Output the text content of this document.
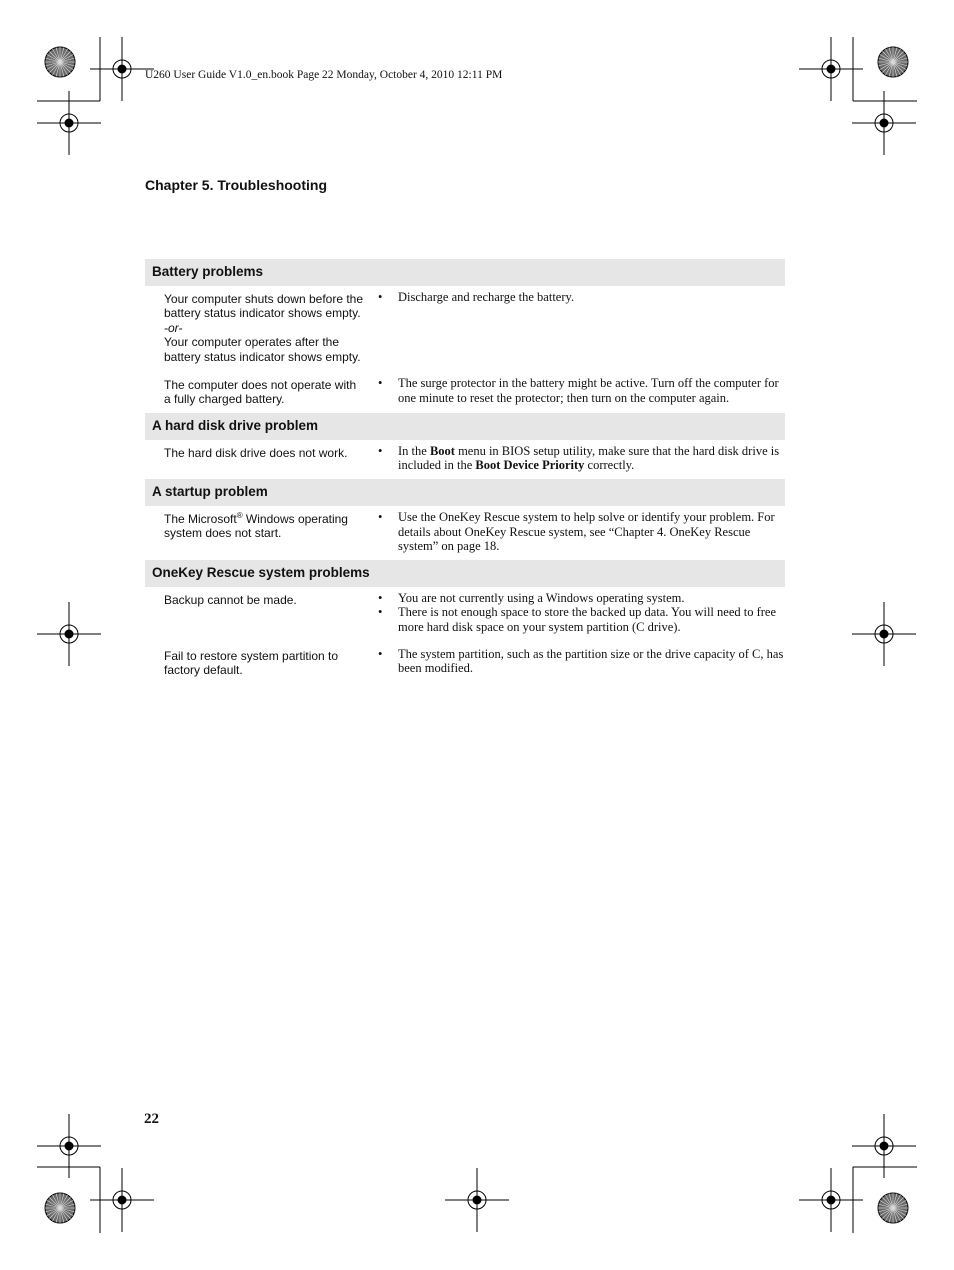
U260 User Guide V1.0_en.book Page 22 Monday, October 4, 2010 12:11 PM
Chapter 5. Troubleshooting
Battery problems
Your computer shuts down before the battery status indicator shows empty.
-or-
Your computer operates after the battery status indicator shows empty.
•	Discharge and recharge the battery.
The computer does not operate with a fully charged battery.
•	The surge protector in the battery might be active. Turn off the computer for one minute to reset the protector; then turn on the computer again.
A hard disk drive problem
The hard disk drive does not work.	•	In the Boot menu in BIOS setup utility, make sure that the hard disk drive is included in the Boot Device Priority correctly.
A startup problem
The Microsoft® Windows operating system does not start.
•	Use the OneKey Rescue system to help solve or identify your problem. For details about OneKey Rescue system, see “Chapter 4. OneKey Rescue system” on page 18.
OneKey Rescue system problems
Backup cannot be made.	•	You are not currently using a Windows operating system.
•	There is not enough space to store the backed up data. You will need to free more hard disk space on your system partition (C drive).
Fail to restore system partition to factory default.
•	The system partition, such as the partition size or the drive capacity of C, has been modified.
22
